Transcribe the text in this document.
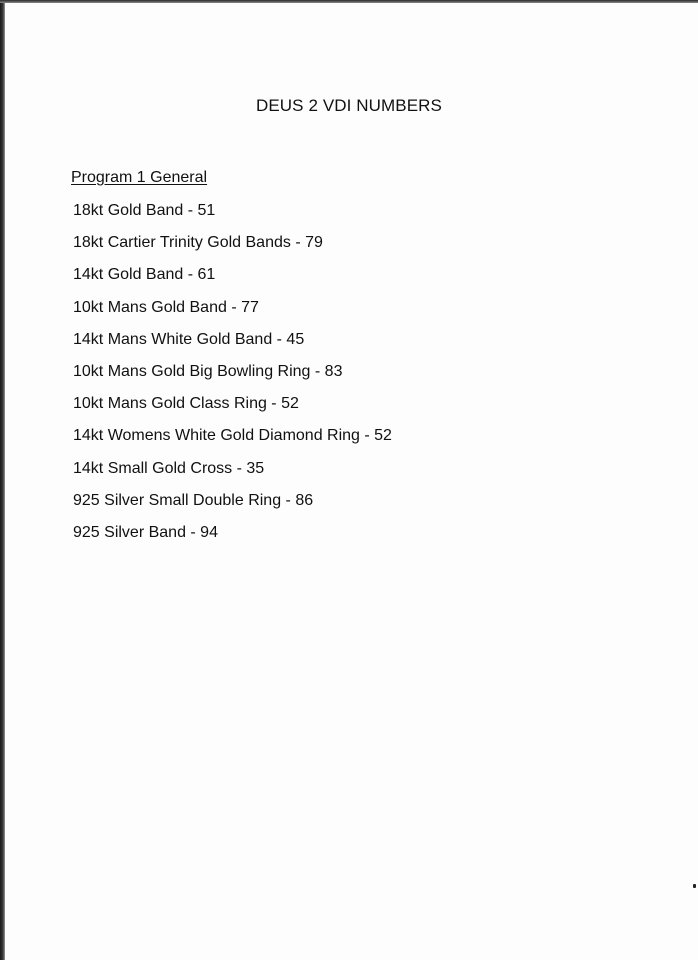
DEUS 2 VDI NUMBERS
Program 1 General
18kt Gold Band - 51
18kt Cartier Trinity Gold Bands - 79
14kt Gold Band - 61
10kt Mans Gold Band - 77
14kt Mans White Gold Band - 45
10kt Mans Gold Big Bowling Ring - 83
10kt Mans Gold Class Ring - 52
14kt Womens White Gold Diamond Ring - 52
14kt Small Gold Cross - 35
925 Silver Small Double Ring - 86
925 Silver Band - 94
